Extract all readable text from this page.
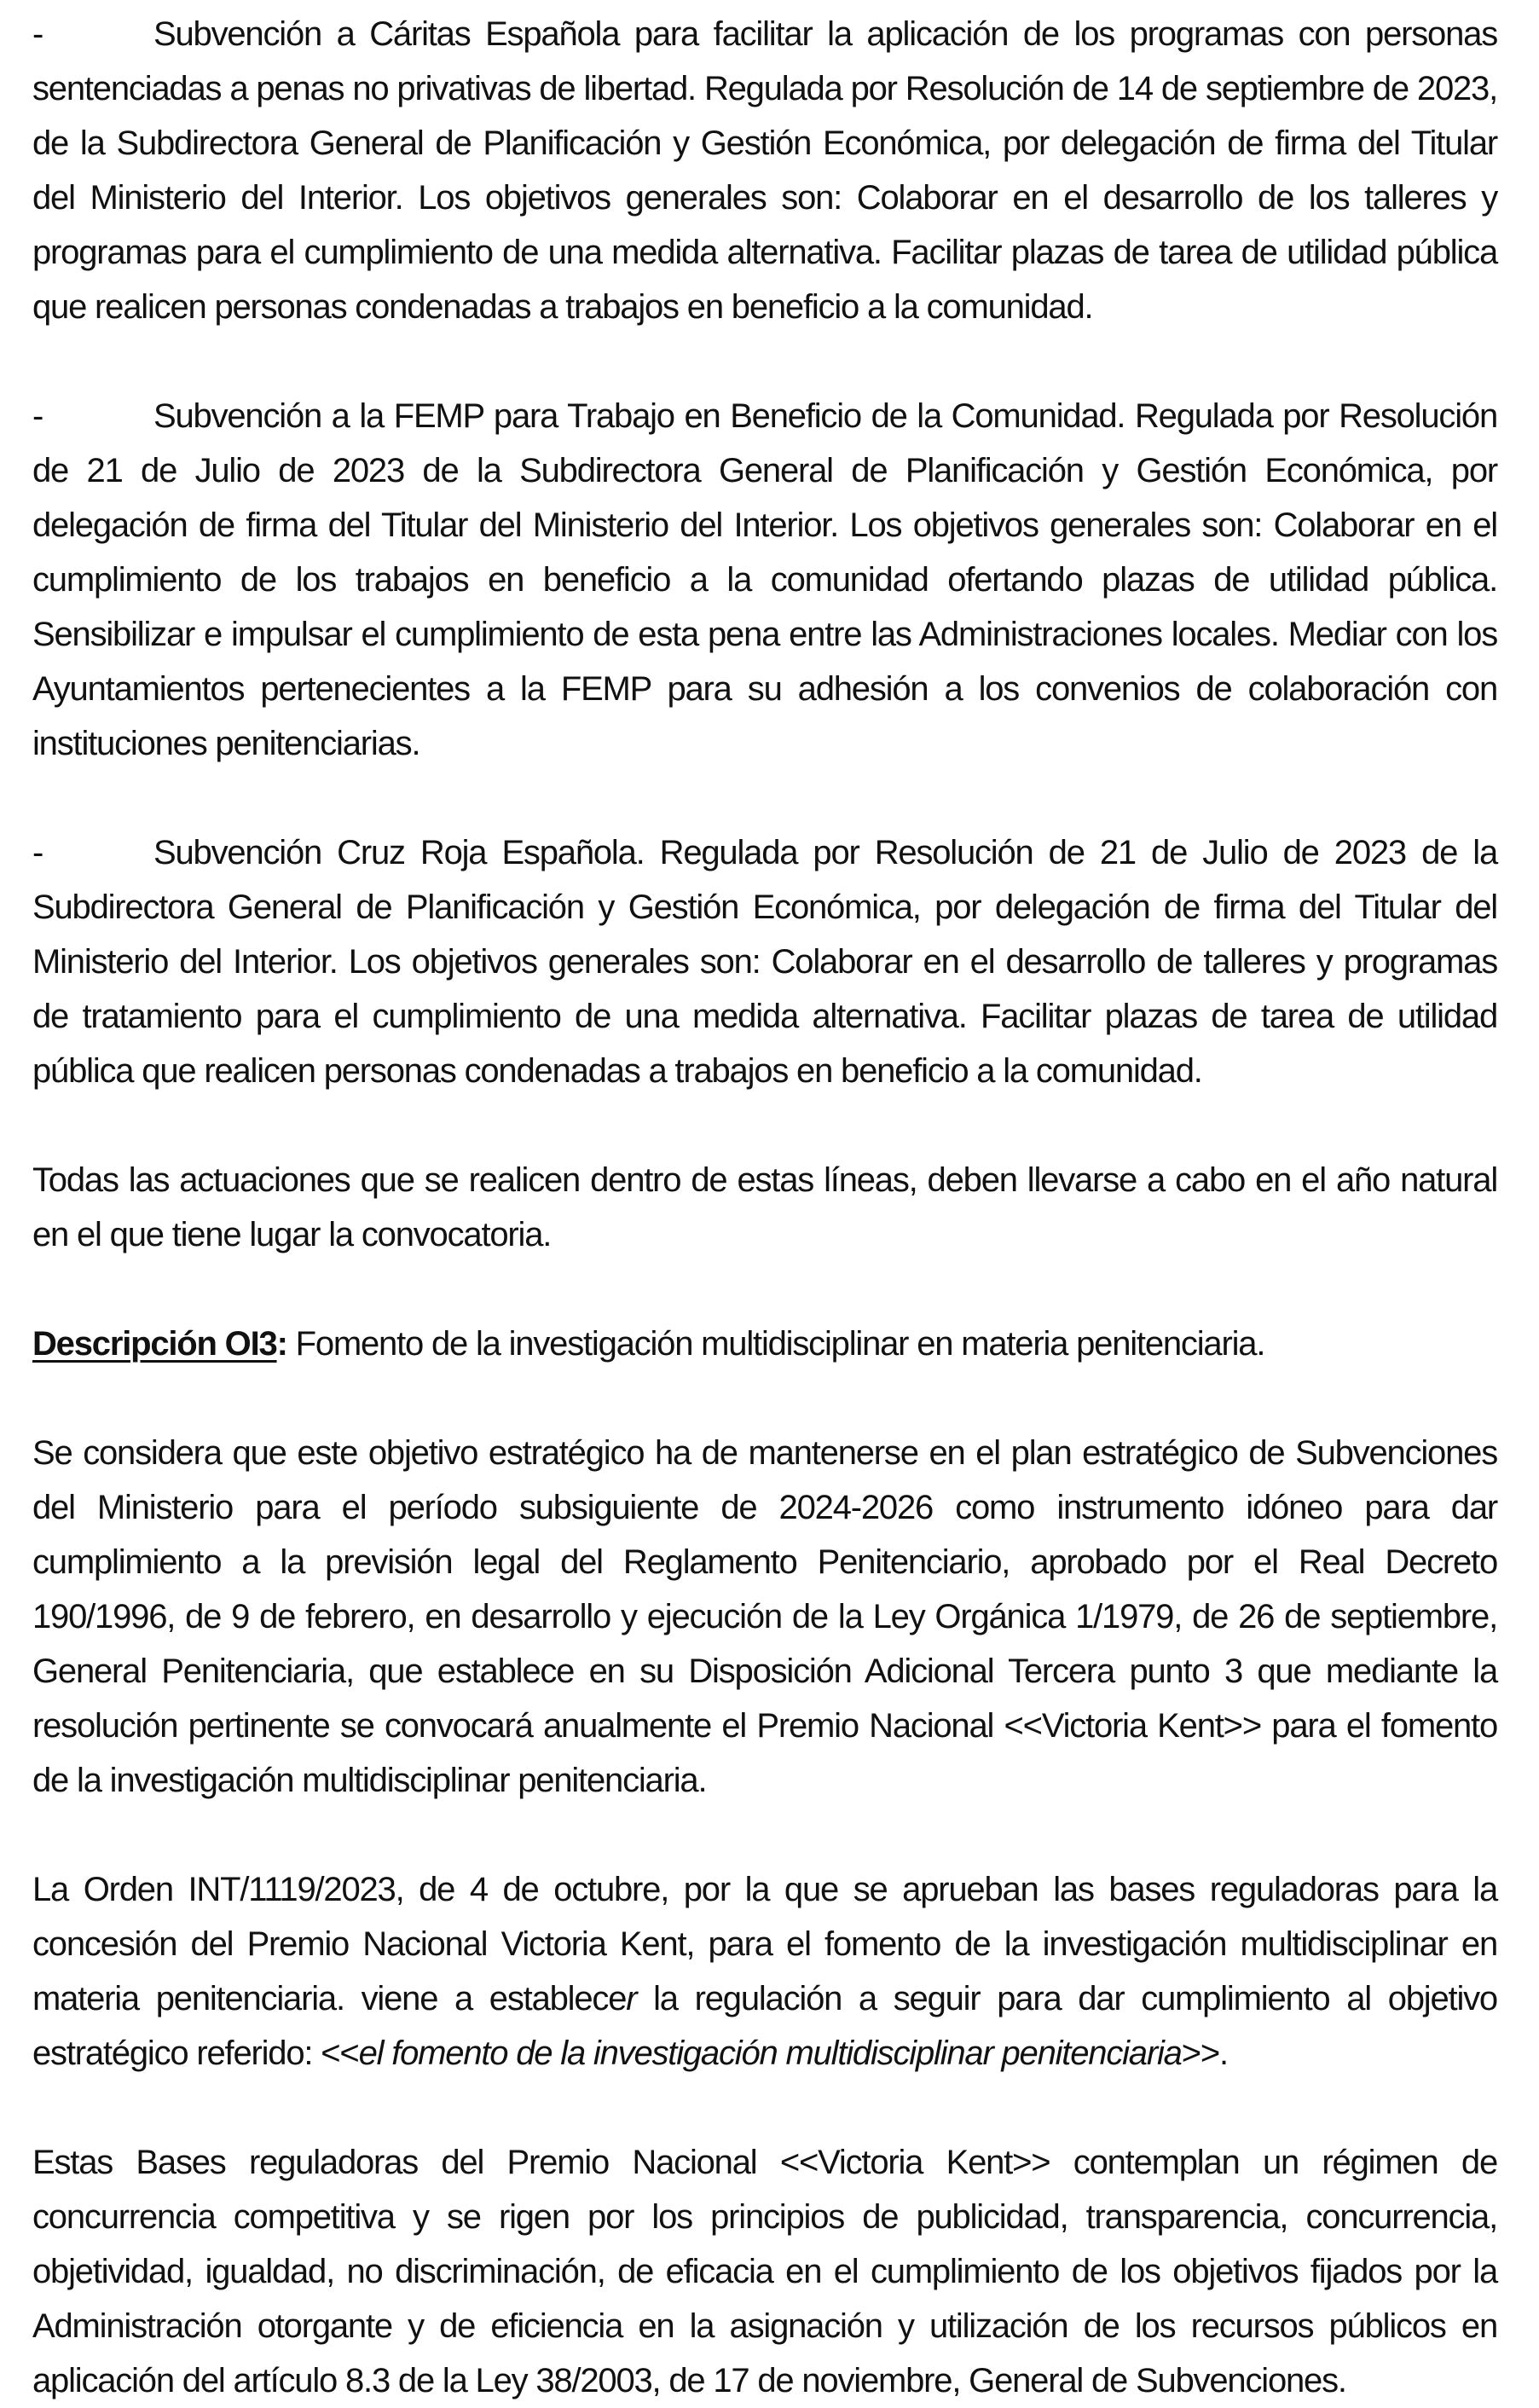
-	Subvención a Cáritas Española para facilitar la aplicación de los programas con personas sentenciadas a penas no privativas de libertad. Regulada por Resolución de 14 de septiembre de 2023, de la Subdirectora General de Planificación y Gestión Económica, por delegación de firma del Titular del Ministerio del Interior. Los objetivos generales son: Colaborar en el desarrollo de los talleres y programas para el cumplimiento de una medida alternativa. Facilitar plazas de tarea de utilidad pública que realicen personas condenadas a trabajos en beneficio a la comunidad.

-	Subvención a la FEMP para Trabajo en Beneficio de la Comunidad. Regulada por Resolución de 21 de Julio de 2023 de la Subdirectora General de Planificación y Gestión Económica, por delegación de firma del Titular del Ministerio del Interior. Los objetivos generales son: Colaborar en el cumplimiento de los trabajos en beneficio a la comunidad ofertando plazas de utilidad pública. Sensibilizar e impulsar el cumplimiento de esta pena entre las Administraciones locales. Mediar con los Ayuntamientos pertenecientes a la FEMP para su adhesión a los convenios de colaboración con instituciones penitenciarias.

-	Subvención Cruz Roja Española. Regulada por Resolución de 21 de Julio de 2023 de la Subdirectora General de Planificación y Gestión Económica, por delegación de firma del Titular del Ministerio del Interior. Los objetivos generales son: Colaborar en el desarrollo de talleres y programas de tratamiento para el cumplimiento de una medida alternativa. Facilitar plazas de tarea de utilidad pública que realicen personas condenadas a trabajos en beneficio a la comunidad.

Todas las actuaciones que se realicen dentro de estas líneas, deben llevarse a cabo en el año natural en el que tiene lugar la convocatoria.

Descripción OI3: Fomento de la investigación multidisciplinar en materia penitenciaria.

Se considera que este objetivo estratégico ha de mantenerse en el plan estratégico de Subvenciones del Ministerio para el período subsiguiente de 2024-2026 como instrumento idóneo para dar cumplimiento a la previsión legal del Reglamento Penitenciario, aprobado por el Real Decreto 190/1996, de 9 de febrero, en desarrollo y ejecución de la Ley Orgánica 1/1979, de 26 de septiembre, General Penitenciaria, que establece en su Disposición Adicional Tercera punto 3 que mediante la resolución pertinente se convocará anualmente el Premio Nacional <<Victoria Kent>> para el fomento de la investigación multidisciplinar penitenciaria.

La Orden INT/1119/2023, de 4 de octubre, por la que se aprueban las bases reguladoras para la concesión del Premio Nacional Victoria Kent, para el fomento de la investigación multidisciplinar en materia penitenciaria. viene a establecer la regulación a seguir para dar cumplimiento al objetivo estratégico referido: <<el fomento de la investigación multidisciplinar penitenciaria>>.

Estas Bases reguladoras del Premio Nacional <<Victoria Kent>> contemplan un régimen de concurrencia competitiva y se rigen por los principios de publicidad, transparencia, concurrencia, objetividad, igualdad, no discriminación, de eficacia en el cumplimiento de los objetivos fijados por la Administración otorgante y de eficiencia en la asignación y utilización de los recursos públicos en aplicación del artículo 8.3 de la Ley 38/2003, de 17 de noviembre, General de Subvenciones.
